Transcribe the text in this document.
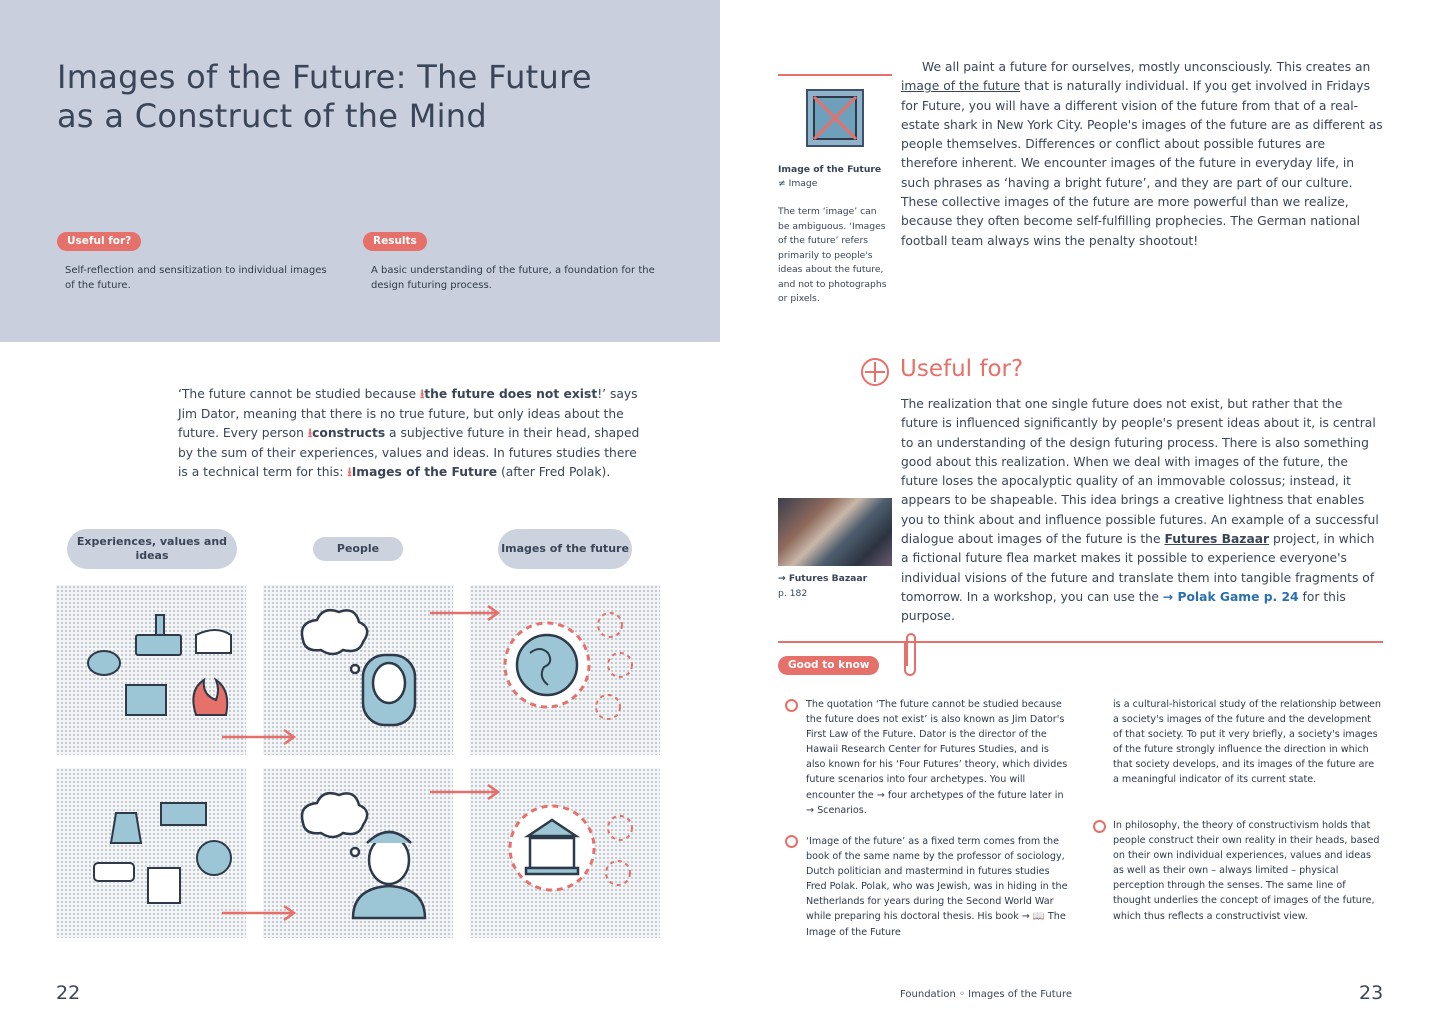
Images of the Future: The Future as a Construct of the Mind
Useful for?
Self-reflection and sensitization to individual images of the future.
Results
A basic understanding of the future, a foundation for the design futuring process.

‘The future cannot be studied because ⭳the future does not exist!’ says Jim Dator, meaning that there is no true future, but only ideas about the future. Every person ⭳constructs a subjective future in their head, shaped by the sum of their experiences, values and ideas. In futures studies there is a technical term for this: ⭳Images of the Future (after Fred Polak).

Experiences, values and ideas
People	Images of the future
22
Image of the Future
≠ Image
The term ‘image’ can be ambiguous. ‘Images of the future’ refers primarily to people's ideas about the future, and not to photographs or pixels.

We all paint a future for ourselves, mostly unconsciously. This creates an image of the future that is naturally individual. If you get involved in Fridays for Future, you will have a different vision of the future from that of a real-estate shark in New York City. People's images of the future are as different as people themselves. Differences or conflict about possible futures are therefore inherent. We encounter images of the future in everyday life, in such phrases as ‘having a bright future’, and they are part of our culture. These collective images of the future are more powerful than we realize, because they often become self-fulfilling prophecies. The German national football team always wins the penalty shootout!

Useful for?

The realization that one single future does not exist, but rather that the future is influenced significantly by people's present ideas about it, is central to an understanding of the design futuring process. There is also something good about this realization. When we deal with images of the future, the future loses the apocalyptic quality of an immovable colossus; instead, it appears to be shapeable. This idea brings a creative lightness that enables you to think about and influence possible futures. An example of a successful dialogue about images of the future is the Futures Bazaar project, in which a fictional future flea market makes it possible to experience everyone's individual visions of the future and translate them into tangible fragments of tomorrow. In a workshop, you can use the → Polak Game p. 24 for this purpose.

→ Futures Bazaar
p. 182
Good to know
The quotation ‘The future cannot be studied because the future does not exist’ is also known as Jim Dator's First Law of the Future. Dator is the director of the Hawaii Research Center for Futures Studies, and is also known for his ‘Four Futures’ theory, which divides future scenarios into four archetypes. You will encounter the → four archetypes of the future later in → Scenarios.
‘Image of the future’ as a fixed term comes from the book of the same name by the professor of sociology, Dutch politician and mastermind in futures studies Fred Polak. Polak, who was Jewish, was in hiding in the Netherlands for years during the Second World War while preparing his doctoral thesis. His book → 📖 The Image of the Future
is a cultural-historical study of the relationship between a society's images of the future and the development of that society. To put it very briefly, a society's images of the future strongly influence the direction in which that society develops, and its images of the future are a meaningful indicator of its current state.
In philosophy, the theory of constructivism holds that people construct their own reality in their heads, based on their own individual experiences, values and ideas as well as their own – always limited – physical perception through the senses. The same line of thought underlies the concept of images of the future, which thus reflects a constructivist view.
Foundation ◦ Images of the Future	23
